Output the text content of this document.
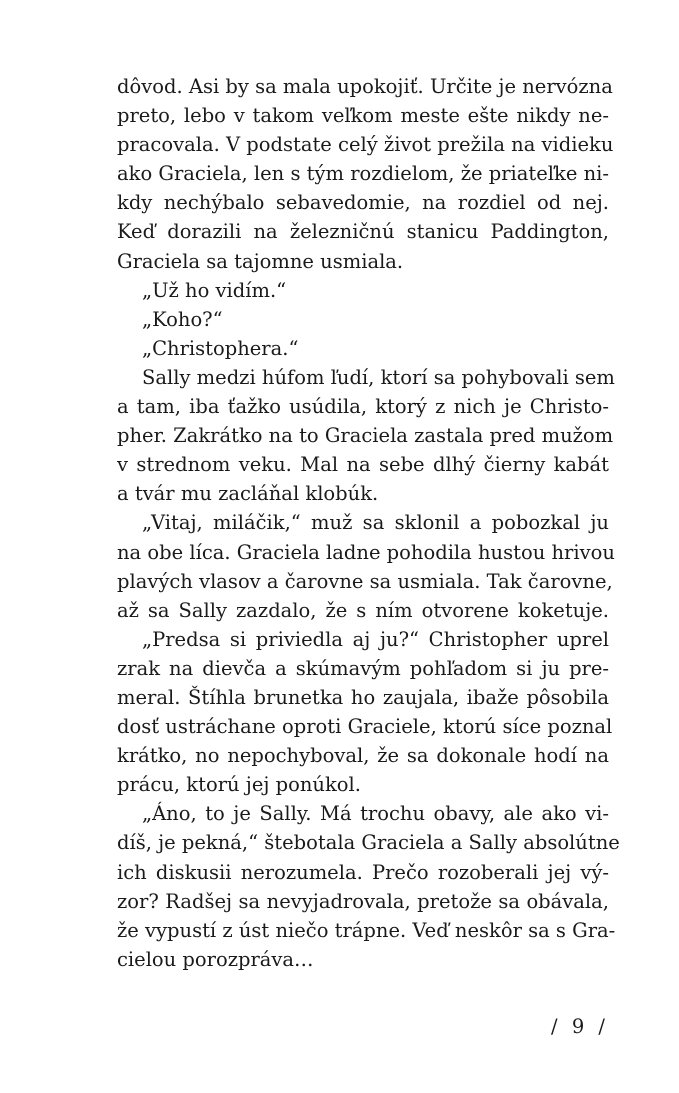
dôvod. Asi by sa mala upokojiť. Určite je nervózna
preto, lebo v takom veľkom meste ešte nikdy ne-
pracovala. V podstate celý život prežila na vidieku
ako Graciela, len s tým rozdielom, že priateľke ni-
kdy nechýbalo sebavedomie, na rozdiel od nej.
Keď dorazili na železničnú stanicu Paddington,
Graciela sa tajomne usmiala.
„Už ho vidím.“
„Koho?“
„Christophera.“
Sally medzi húfom ľudí, ktorí sa pohybovali sem
a tam, iba ťažko usúdila, ktorý z nich je Christo-
pher. Zakrátko na to Graciela zastala pred mužom
v strednom veku. Mal na sebe dlhý čierny kabát
a tvár mu zacláňal klobúk.
„Vitaj, miláčik,“ muž sa sklonil a pobozkal ju
na obe líca. Graciela ladne pohodila hustou hrivou
plavých vlasov a čarovne sa usmiala. Tak čarovne,
až sa Sally zazdalo, že s ním otvorene koketuje.
„Predsa si priviedla aj ju?“ Christopher uprel
zrak na dievča a skúmavým pohľadom si ju pre-
meral. Štíhla brunetka ho zaujala, ibaže pôsobila
dosť ustráchane oproti Graciele, ktorú síce poznal
krátko, no nepochyboval, že sa dokonale hodí na
prácu, ktorú jej ponúkol.
„Áno, to je Sally. Má trochu obavy, ale ako vi-
díš, je pekná,“ štebotala Graciela a Sally absolútne
ich diskusii nerozumela. Prečo rozoberali jej vý-
zor? Radšej sa nevyjadrovala, pretože sa obávala,
že vypustí z úst niečo trápne. Veď neskôr sa s Gra-
cielou porozpráva…
/ 9 /
